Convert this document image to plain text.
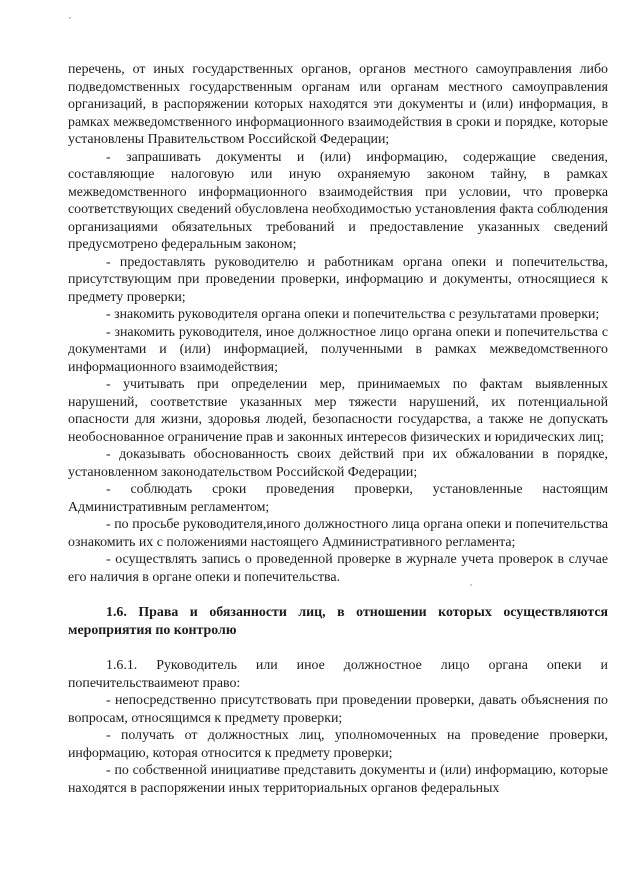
перечень, от иных государственных органов, органов местного самоуправления либо подведомственных государственным органам или органам местного самоуправления организаций, в распоряжении которых находятся эти документы и (или) информация, в рамках межведомственного информационного взаимодействия в сроки и порядке, которые установлены Правительством Российской Федерации;

- запрашивать документы и (или) информацию, содержащие сведения, составляющие налоговую или иную охраняемую законом тайну, в рамках межведомственного информационного взаимодействия при условии, что проверка соответствующих сведений обусловлена необходимостью установления факта соблюдения организациями обязательных требований и предоставление указанных сведений предусмотрено федеральным законом;

- предоставлять руководителю и работникам органа опеки и попечительства, присутствующим при проведении проверки, информацию и документы, относящиеся к предмету проверки;

- знакомить руководителя органа опеки и попечительства с результатами проверки;

- знакомить руководителя, иное должностное лицо органа опеки и попечительства с документами и (или) информацией, полученными в рамках межведомственного информационного взаимодействия;

- учитывать при определении мер, принимаемых по фактам выявленных нарушений, соответствие указанных мер тяжести нарушений, их потенциальной опасности для жизни, здоровья людей, безопасности государства, а также не допускать необоснованное ограничение прав и законных интересов физических и юридических лиц;

- доказывать обоснованность своих действий при их обжаловании в порядке, установленном законодательством Российской Федерации;

- соблюдать сроки проведения проверки, установленные настоящим Административным регламентом;

- по просьбе руководителя,иного должностного лица органа опеки и попечительства ознакомить их с положениями настоящего Административного регламента;

- осуществлять запись о проведенной проверке в журнале учета проверок в случае его наличия в органе опеки и попечительства.

1.6. Права и обязанности лиц, в отношении которых осуществляются мероприятия по контролю

1.6.1. Руководитель или иное должностное лицо органа опеки и попечительстваимеют право:

- непосредственно присутствовать при проведении проверки, давать объяснения по вопросам, относящимся к предмету проверки;

- получать от должностных лиц, уполномоченных на проведение проверки, информацию, которая относится к предмету проверки;

- по собственной инициативе представить документы и (или) информацию, которые находятся в распоряжении иных территориальных органов федеральных
